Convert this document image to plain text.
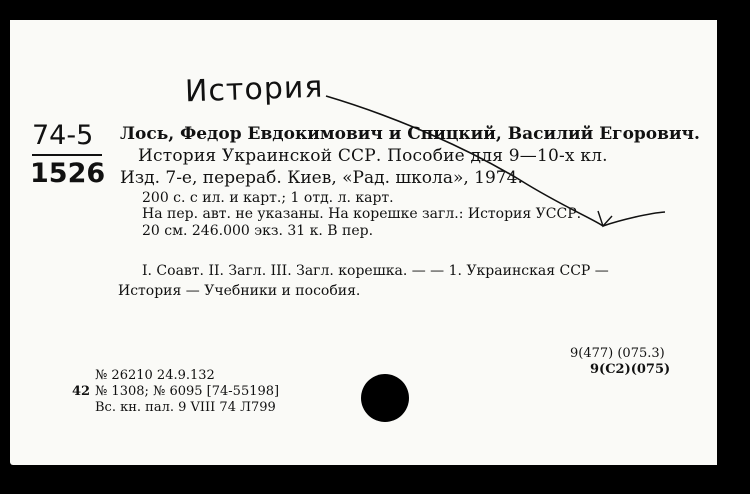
История
74-5
1526
Лось, Федор Евдокимович и Спицкий, Василий Егорович.
История Украинской ССР. Пособие для 9—10-х кл.
Изд. 7-е, перераб. Киев, «Рад. школа», 1974.
200 с. с ил. и карт.; 1 отд. л. карт.
На пер. авт. не указаны. На корешке загл.: История УССР.
20 см. 246.000 экз. 31 к. В пер.
I. Соавт. II. Загл. III. Загл. корешка. — — 1. Украинская ССР —
История — Учебники и пособия.
9(477) (075.3)
9(С2)(075)
№ 26210 24.9.132
42 № 1308; № 6095 [74-55198]
Вс. кн. пал. 9 VIII 74 Л799
